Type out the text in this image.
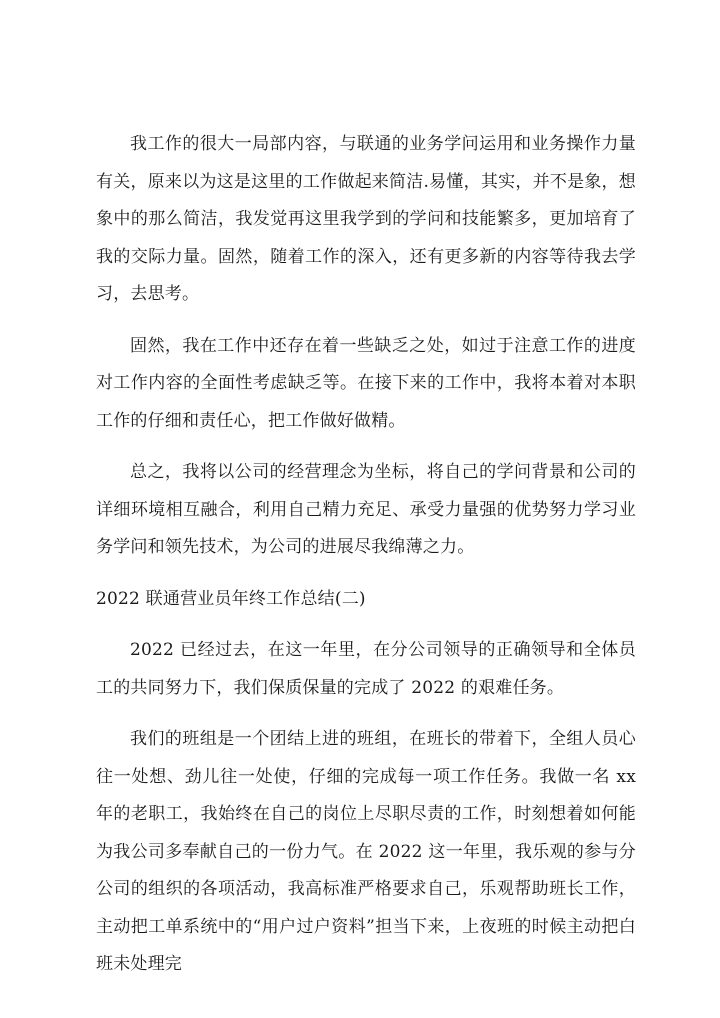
我工作的很大一局部内容，与联通的业务学问运用和业务操作力量有关，原来以为这是这里的工作做起来简洁.易懂，其实，并不是象，想象中的那么简洁，我发觉再这里我学到的学问和技能繁多，更加培育了我的交际力量。固然，随着工作的深入，还有更多新的内容等待我去学习，去思考。

固然，我在工作中还存在着一些缺乏之处，如过于注意工作的进度对工作内容的全面性考虑缺乏等。在接下来的工作中，我将本着对本职工作的仔细和责任心，把工作做好做精。

总之，我将以公司的经营理念为坐标，将自己的学问背景和公司的详细环境相互融合，利用自己精力充足、承受力量强的优势努力学习业务学问和领先技术，为公司的进展尽我绵薄之力。

2022 联通营业员年终工作总结(二)

2022 已经过去，在这一年里，在分公司领导的正确领导和全体员工的共同努力下，我们保质保量的完成了 2022 的艰难任务。

我们的班组是一个团结上进的班组，在班长的带着下，全组人员心往一处想、劲儿往一处使，仔细的完成每一项工作任务。我做一名 xx 年的老职工，我始终在自己的岗位上尽职尽责的工作，时刻想着如何能为我公司多奉献自己的一份力气。在 2022 这一年里，我乐观的参与分公司的组织的各项活动，我高标准严格要求自己，乐观帮助班长工作，主动把工单系统中的“用户过户资料”担当下来，上夜班的时候主动把白班未处理完
